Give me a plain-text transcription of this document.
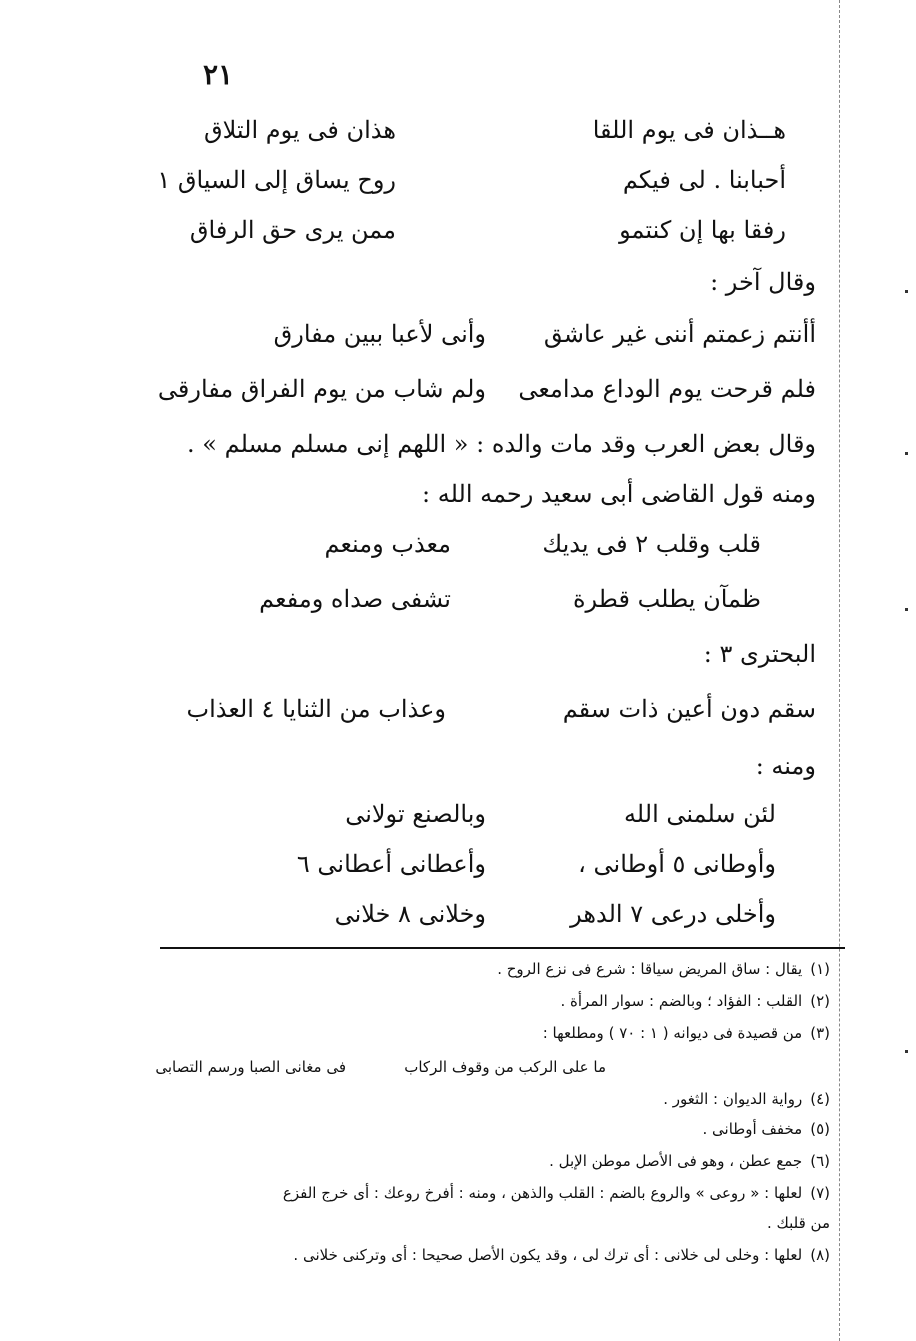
٢١
هــذان فى يوم اللقا
هذان فى يوم التلاق
أحبابنا . لى فيكم
روح يساق إلى السياق ١
رفقا بها إن كنتمو
ممن يرى حق الرفاق
وقال آخر :
أأنتم زعمتم أننى غير عاشق
وأنى لأعبا ببين مفارق
فلم قرحت يوم الوداع مدامعى
ولم شاب من يوم الفراق مفارقى
وقال بعض العرب وقد مات والده : « اللهم إنى مسلم مسلم » .
ومنه قول القاضى أبى سعيد رحمه الله :
قلب وقلب ٢ فى يديك
معذب ومنعم
ظمآن يطلب قطرة
تشفى صداه ومفعم
البحترى ٣ :
سقم دون أعين ذات سقم
وعذاب من الثنايا ٤ العذاب
ومنه :
لئن سلمنى الله
وبالصنع تولانى
وأوطانى ٥ أوطانى ،
وأعطانى أعطانى ٦
وأخلى درعى ٧ الدهر
وخلانى ٨ خلانى
(١)يقال : ساق المريض سياقا : شرع فى نزع الروح .
(٢)القلب : الفؤاد ؛ وبالضم : سوار المرأة .
(٣)من قصيدة فى ديوانه ( ١ : ٧٠ ) ومطلعها :
ما على الركب من وقوف الركاب
فى مغانى الصبا ورسم التصابى
(٤)رواية الديوان : الثغور .
(٥)مخفف أوطانى .
(٦)جمع عطن ، وهو فى الأصل موطن الإبل .
(٧)لعلها : « روعى » والروع بالضم : القلب والذهن ، ومنه : أفرخ روعك : أى خرج الفزع
من قلبك .
(٨)لعلها : وخلى لى خلانى : أى ترك لى ، وقد يكون الأصل صحيحا : أى وتركنى خلانى .
